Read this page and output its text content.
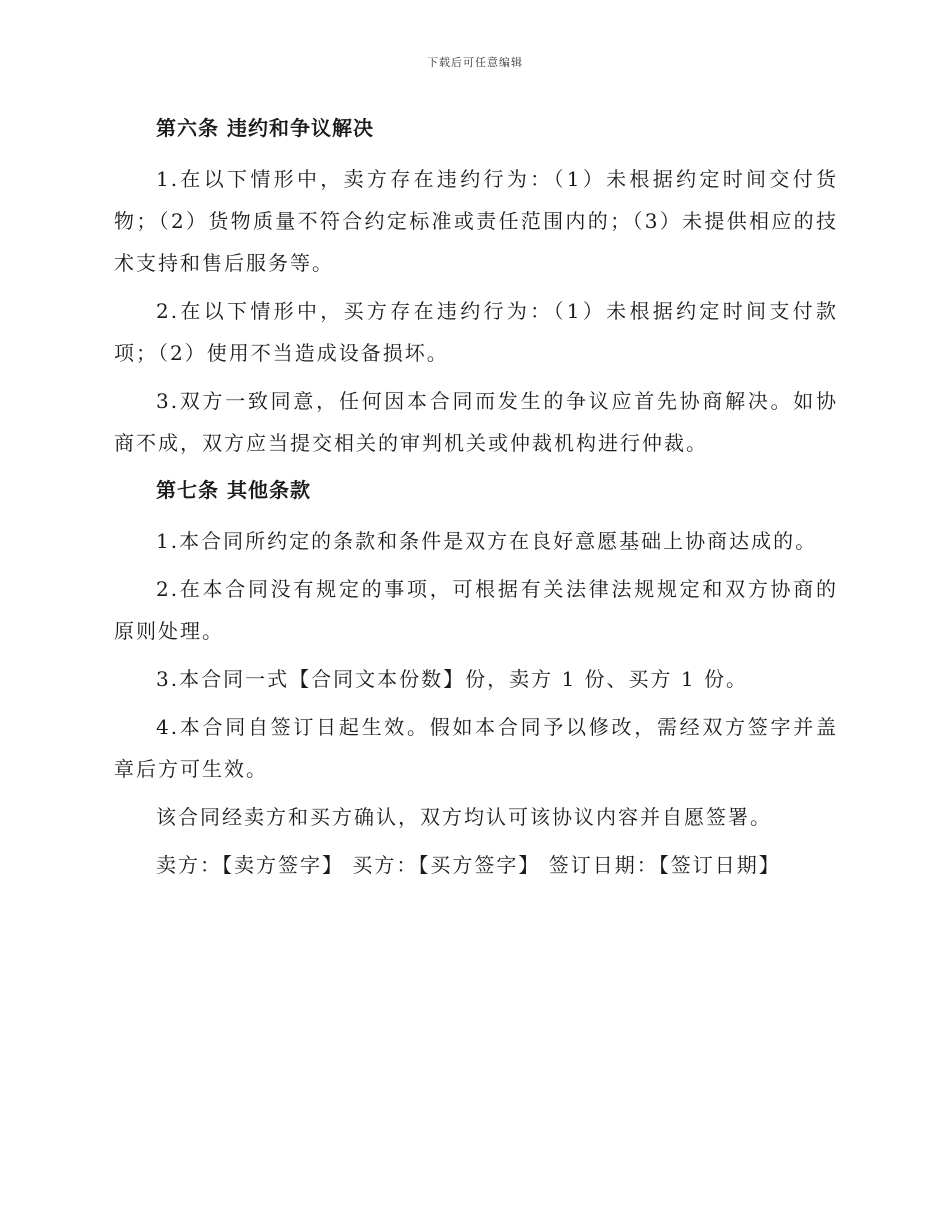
下载后可任意编辑
第六条 违约和争议解决

1.在以下情形中，卖方存在违约行为：（1）未根据约定时间交付货物；（2）货物质量不符合约定标准或责任范围内的；（3）未提供相应的技术支持和售后服务等。

2.在以下情形中，买方存在违约行为：（1）未根据约定时间支付款项；（2）使用不当造成设备损坏。

3.双方一致同意，任何因本合同而发生的争议应首先协商解决。如协商不成，双方应当提交相关的审判机关或仲裁机构进行仲裁。

第七条 其他条款

1.本合同所约定的条款和条件是双方在良好意愿基础上协商达成的。

2.在本合同没有规定的事项，可根据有关法律法规规定和双方协商的原则处理。

3.本合同一式【合同文本份数】份，卖方 1 份、买方 1 份。

4.本合同自签订日起生效。假如本合同予以修改，需经双方签字并盖章后方可生效。

该合同经卖方和买方确认，双方均认可该协议内容并自愿签署。

卖方：【卖方签字】 买方：【买方签字】 签订日期：【签订日期】
